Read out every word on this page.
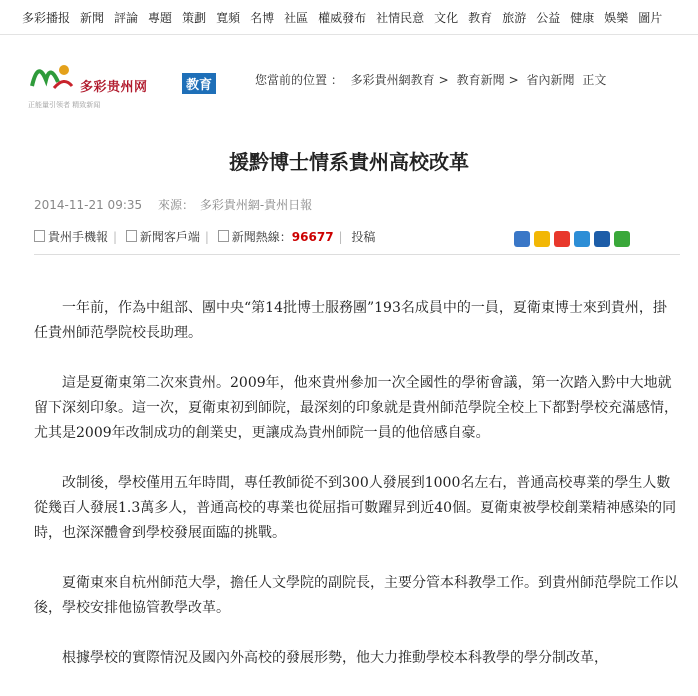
多彩播报 新聞 評論 專題 策劃 寬頻 名博 社區 權威發布 社情民意 文化 教育 旅游 公益 健康 娛樂 圖片
多彩贵州网	教育
正能量引领者 精致新闻
您當前的位置 ： 多彩貴州網教育 > 教育新聞 > 省內新聞 正文
援黔博士情系貴州高校改革
2014-11-21 09:35 來源： 多彩貴州網-貴州日報
貴州手機報 | 新聞客戶端 | 新聞熱線：96677 | 投稿

一年前，作為中組部、團中央“第14批博士服務團”193名成員中的一員，夏衛東博士來到貴州，掛任貴州師范學院校長助理。

這是夏衛東第二次來貴州。2009年，他來貴州參加一次全國性的學術會議，第一次踏入黔中大地就留下深刻印象。這一次，夏衛東初到師院，最深刻的印象就是貴州師范學院全校上下都對學校充滿感情，尤其是2009年改制成功的創業史，更讓成為貴州師院一員的他倍感自豪。

改制後，學校僅用五年時間，專任教師從不到300人發展到1000名左右，普通高校專業的學生人數從幾百人發展1.3萬多人，普通高校的專業也從屈指可數躍昇到近40個。夏衛東被學校創業精神感染的同時，也深深體會到學校發展面臨的挑戰。

夏衛東來自杭州師范大學，擔任人文學院的副院長，主要分管本科教學工作。到貴州師范學院工作以後，學校安排他協管教學改革。

根據學校的實際情況及國內外高校的發展形勢，他大力推動學校本科教學的學分制改革，
